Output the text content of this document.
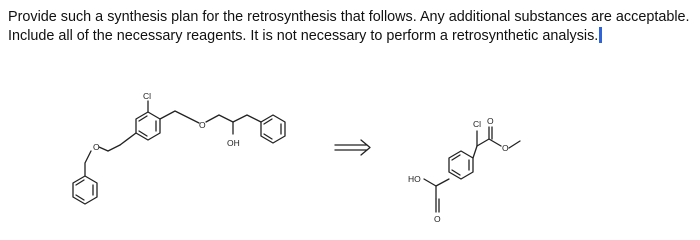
Provide such a synthesis plan for the retrosynthesis that follows. Any additional substances are acceptable. Include all of the necessary reagents. It is not necessary to perform a retrosynthetic analysis.

O
Cl
O
OH
HO
O
Cl O
O
